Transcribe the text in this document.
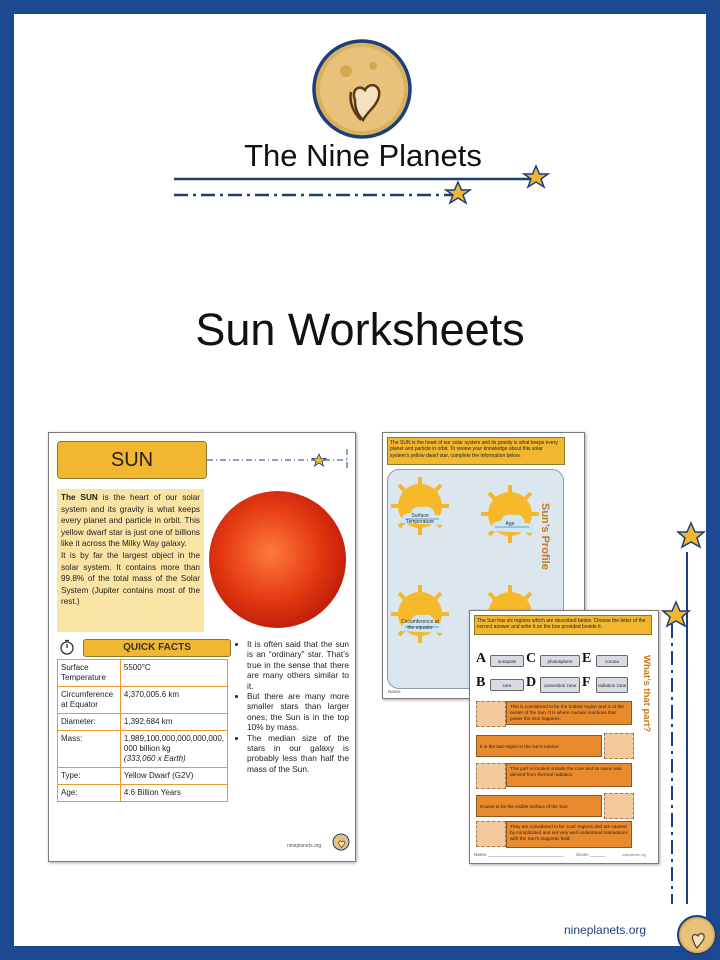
The Nine Planets
Sun Worksheets
SUN
The SUN is the heart of our solar system and its gravity is what keeps every planet and particle in orbit. This yellow dwarf star is just one of billions like it across the Milky Way galaxy.
It is by far the largest object in the solar system. It contains more than 99.8% of the total mass of the Solar System (Jupiter contains most of the rest.)
QUICK FACTS
Surface Temperature	5500°C
Circumference at Equator	4,370,005.6 km
Diameter:	1,392,684 km
Mass:	1,989,100,000,000,000,000, 000 billion kg
(333,060 x Earth)
Type:	Yellow Dwarf (G2V)
Age:	4.6 Billion Years
• It is often said that the sun is an “ordinary” star. That’s true in the sense that there are many others similar to it.
• But there are many more smaller stars than larger ones; the Sun is in the top 10% by mass.
• The median size of the stars in our galaxy is probably less than half the mass of the Sun.
nineplanets.org
The SUN is the heart of our solar system and its gravity is what keeps every planet and particle in orbit. To review your knowledge about this solar system’s yellow dwarf star, complete the information below.
Surface Temperature	Age
Circumference at the equator
Sun’s Profile
Name:
The Sun has six regions which are described below. Choose the letter of the correct answer and write it on the box provided beside it.
A	sunspots C	photosphere E	corona
B	core	D	convection zone F	radiation zone
This is considered to be the hottest region and is at the center of the Sun. It is where nuclear reactions that power the Sun happens.
It is the last region in the sun’s interior.
This part is located outside the core and its name was derived from thermal radiation.
Known to be the visible surface of the Sun.
They are considered to be ‘cool’ regions and are caused by complicated and not very well understood interactions with the Sun’s magnetic field.
What’s that part?
Name: ______________________________	Score: ______	nineplanets.org
nineplanets.org
